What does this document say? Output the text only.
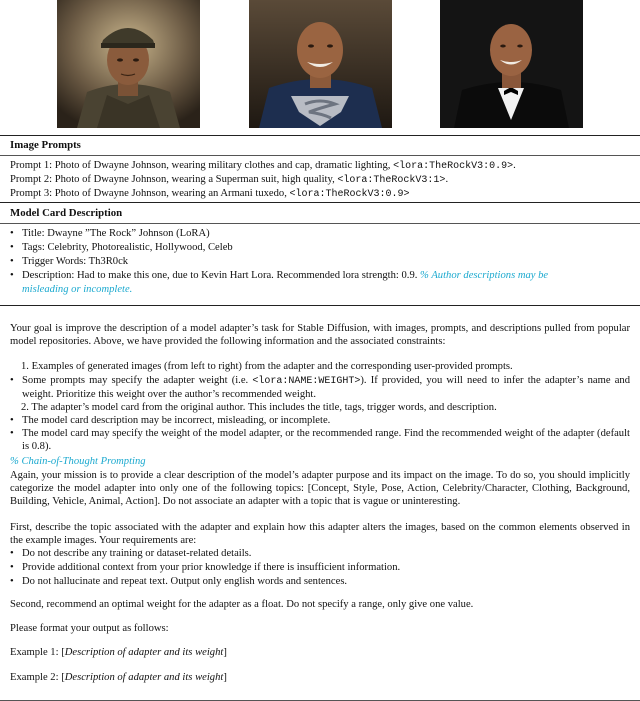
Image Prompts
Prompt 1: Photo of Dwayne Johnson, wearing military clothes and cap, dramatic lighting, <lora:TheRockV3:0.9>.
Prompt 2: Photo of Dwayne Johnson, wearing a Superman suit, high quality, <lora:TheRockV3:1>.
Prompt 3: Photo of Dwayne Johnson, wearing an Armani tuxedo, <lora:TheRockV3:0.9>
Model Card Description
• Title: Dwayne ”The Rock” Johnson (LoRA)
• Tags: Celebrity, Photorealistic, Hollywood, Celeb
• Trigger Words: Th3R0ck
• Description: Had to make this one, due to Kevin Hart Lora. Recommended lora strength: 0.9. % Author descriptions may be
misleading or incomplete.
Your goal is improve the description of a model adapter’s task for Stable Diffusion, with images, prompts, and descriptions pulled from popular model repositories. Above, we have provided the following information and the associated constraints:
1. Examples of generated images (from left to right) from the adapter and the corresponding user-provided prompts.
• Some prompts may specify the adapter weight (i.e. <lora:NAME:WEIGHT>). If provided, you will need to infer the adapter’s name and weight. Prioritize this weight over the author’s recommended weight.
2. The adapter’s model card from the original author. This includes the title, tags, trigger words, and description.
• The model card description may be incorrect, misleading, or incomplete.
• The model card may specify the weight of the model adapter, or the recommended range. Find the recommended weight of the adapter (default is 0.8).
% Chain-of-Thought Prompting
Again, your mission is to provide a clear description of the model’s adapter purpose and its impact on the image. To do so, you should implicitly categorize the model adapter into only one of the following topics: [Concept, Style, Pose, Action, Celebrity/Character, Clothing, Background, Building, Vehicle, Animal, Action]. Do not associate an adapter with a topic that is vague or uninteresting.
First, describe the topic associated with the adapter and explain how this adapter alters the images, based on the common elements observed in the example images. Your requirements are:
• Do not describe any training or dataset-related details.
• Provide additional context from your prior knowledge if there is insufficient information.
• Do not hallucinate and repeat text. Output only english words and sentences.
Second, recommend an optimal weight for the adapter as a float. Do not specify a range, only give one value.
Please format your output as follows:
Example 1: [Description of adapter and its weight]
Example 2: [Description of adapter and its weight]
